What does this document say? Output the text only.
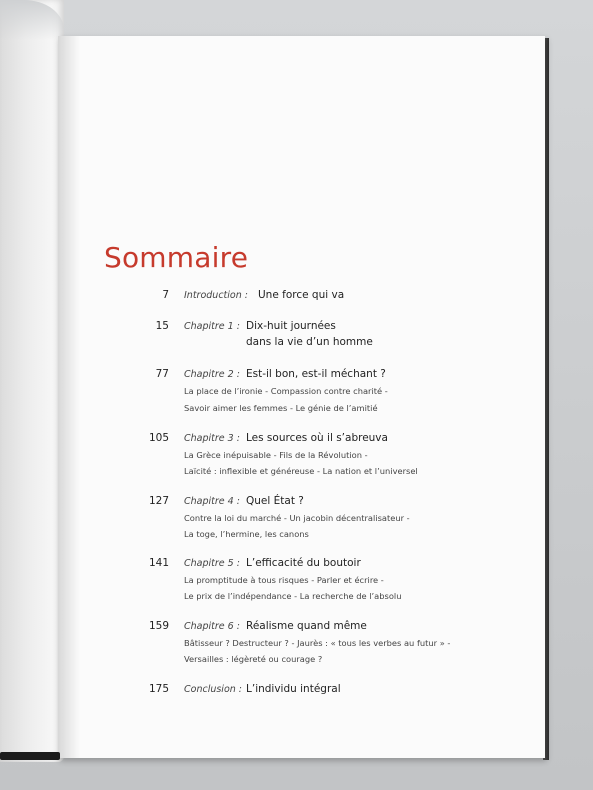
Sommaire
7 Introduction : Une force qui va
15 Chapitre 1 : Dix-huit journées
dans la vie d’un homme
77 Chapitre 2 : Est-il bon, est-il méchant ?
La place de l’ironie - Compassion contre charité -
Savoir aimer les femmes - Le génie de l’amitié
105 Chapitre 3 : Les sources où il s’abreuva
La Grèce inépuisable - Fils de la Révolution -
Laïcité : inflexible et généreuse - La nation et l’universel
127 Chapitre 4 : Quel État ?
Contre la loi du marché - Un jacobin décentralisateur -
La toge, l’hermine, les canons
141 Chapitre 5 : L’efficacité du boutoir
La promptitude à tous risques - Parler et écrire -
Le prix de l’indépendance - La recherche de l’absolu
159 Chapitre 6 : Réalisme quand même
Bâtisseur ? Destructeur ? - Jaurès : « tous les verbes au futur » -
Versailles : légèreté ou courage ?
175 Conclusion : L’individu intégral
